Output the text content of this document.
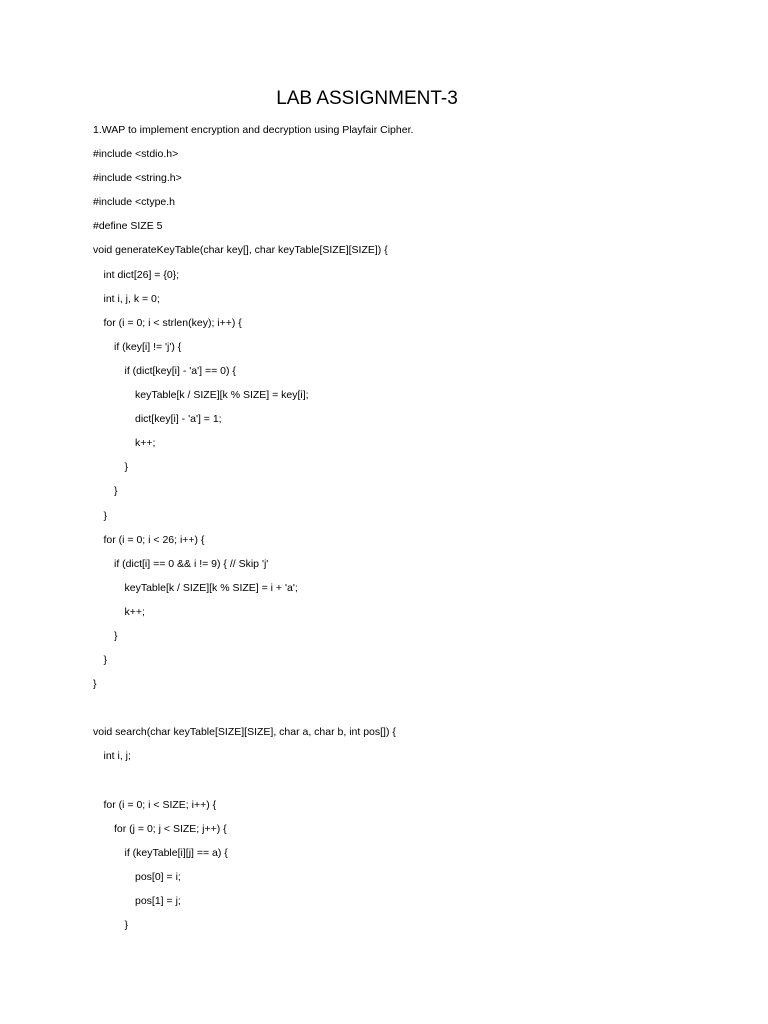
LAB ASSIGNMENT-3
1.WAP to implement encryption and decryption using Playfair Cipher.
#include <stdio.h>
#include <string.h>
#include <ctype.h
#define SIZE 5
void generateKeyTable(char key[], char keyTable[SIZE][SIZE]) {
int dict[26] = {0};
int i, j, k = 0;
for (i = 0; i < strlen(key); i++) {
if (key[i] != 'j') {
if (dict[key[i] - 'a'] == 0) {
keyTable[k / SIZE][k % SIZE] = key[i];
dict[key[i] - 'a'] = 1;
k++;
}
}
}
for (i = 0; i < 26; i++) {
if (dict[i] == 0 && i != 9) { // Skip 'j'
keyTable[k / SIZE][k % SIZE] = i + 'a';
k++;
}
}
}
void search(char keyTable[SIZE][SIZE], char a, char b, int pos[]) {
int i, j;
for (i = 0; i < SIZE; i++) {
for (j = 0; j < SIZE; j++) {
if (keyTable[i][j] == a) {
pos[0] = i;
pos[1] = j;
}
